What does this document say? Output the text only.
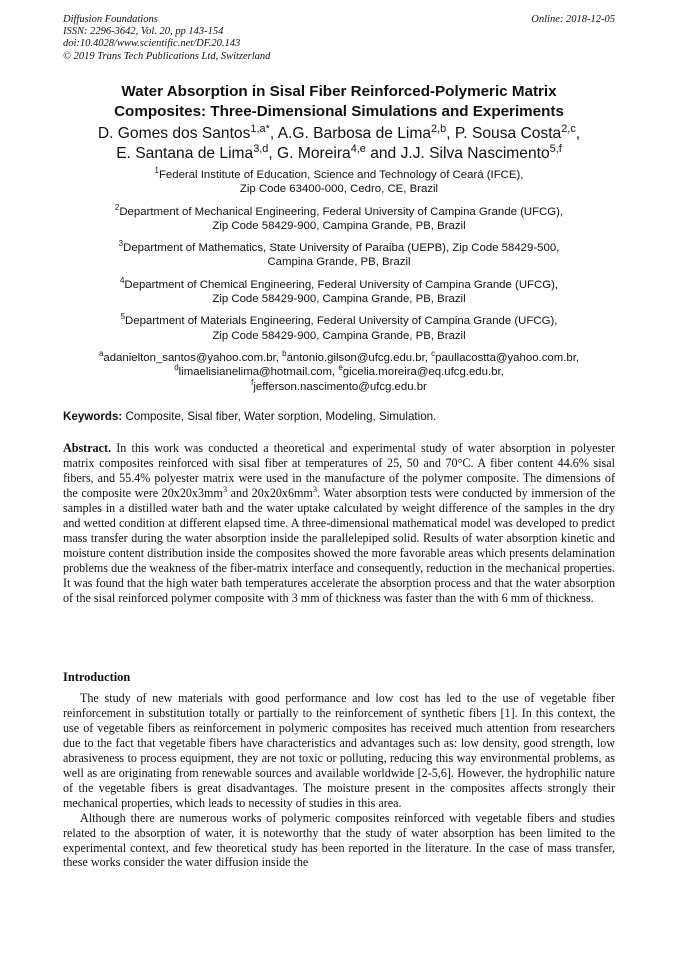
Diffusion Foundations
ISSN: 2296-3642, Vol. 20, pp 143-154
doi:10.4028/www.scientific.net/DF.20.143
© 2019 Trans Tech Publications Ltd, Switzerland
Online: 2018-12-05
Water Absorption in Sisal Fiber Reinforced-Polymeric Matrix
Composites: Three-Dimensional Simulations and Experiments
D. Gomes dos Santos$^{1,a*}$, A.G. Barbosa de Lima$^{2,b}$, P. Sousa Costa$^{2,c}$,
E. Santana de Lima$^{3,d}$, G. Moreira$^{4,e}$ and J.J. Silva Nascimento$^{5,f}$
$^1$Federal Institute of Education, Science and Technology of Ceará (IFCE),
Zip Code 63400-000, Cedro, CE, Brazil
$^2$Department of Mechanical Engineering, Federal University of Campina Grande (UFCG),
Zip Code 58429-900, Campina Grande, PB, Brazil
$^3$Department of Mathematics, State University of Paraiba (UEPB), Zip Code 58429-500,
Campina Grande, PB, Brazil
$^4$Department of Chemical Engineering, Federal University of Campina Grande (UFCG),
Zip Code 58429-900, Campina Grande, PB, Brazil
$^5$Department of Materials Engineering, Federal University of Campina Grande (UFCG),
Zip Code 58429-900, Campina Grande, PB, Brazil
$^a$adanielton_santos@yahoo.com.br, $^b$antonio.gilson@ufcg.edu.br, $^c$paullacostta@yahoo.com.br,
$^d$limaelisianelima@hotmail.com, $^e$gicelia.moreira@eq.ufcg.edu.br,
$^f$jefferson.nascimento@ufcg.edu.br
Keywords: Composite, Sisal fiber, Water sorption, Modeling, Simulation.
Abstract. In this work was conducted a theoretical and experimental study of water absorption in polyester matrix composites reinforced with sisal fiber at temperatures of 25, 50 and 70°C. A fiber content 44.6% sisal fibers, and 55.4% polyester matrix were used in the manufacture of the polymer composite. The dimensions of the composite were $20x20x3mm^3$ and $20x20x6mm^3$. Water absorption tests were conducted by immersion of the samples in a distilled water bath and the water uptake calculated by weight difference of the samples in the dry and wetted condition at different elapsed time. A three-dimensional mathematical model was developed to predict mass transfer during the water absorption inside the parallelepiped solid. Results of water absorption kinetic and moisture content distribution inside the composites showed the more favorable areas which presents delamination problems due the weakness of the fiber-matrix interface and consequently, reduction in the mechanical properties. It was found that the high water bath temperatures accelerate the absorption process and that the water absorption of the sisal reinforced polymer composite with 3 mm of thickness was faster than the with 6 mm of thickness.
Introduction

The study of new materials with good performance and low cost has led to the use of vegetable fiber reinforcement in substitution totally or partially to the reinforcement of synthetic fibers [1]. In this context, the use of vegetable fibers as reinforcement in polymeric composites has received much attention from researchers due to the fact that vegetable fibers have characteristics and advantages such as: low density, good strength, low abrasiveness to process equipment, they are not toxic or polluting, reducing this way environmental problems, as well as are originating from renewable sources and available worldwide [2-5,6]. However, the hydrophilic nature of the vegetable fibers is great disadvantages. The moisture present in the composites affects strongly their mechanical properties, which leads to necessity of studies in this area.

Although there are numerous works of polymeric composites reinforced with vegetable fibers and studies related to the absorption of water, it is noteworthy that the study of water absorption has been limited to the experimental context, and few theoretical study has been reported in the literature. In the case of mass transfer, these works consider the water diffusion inside the
